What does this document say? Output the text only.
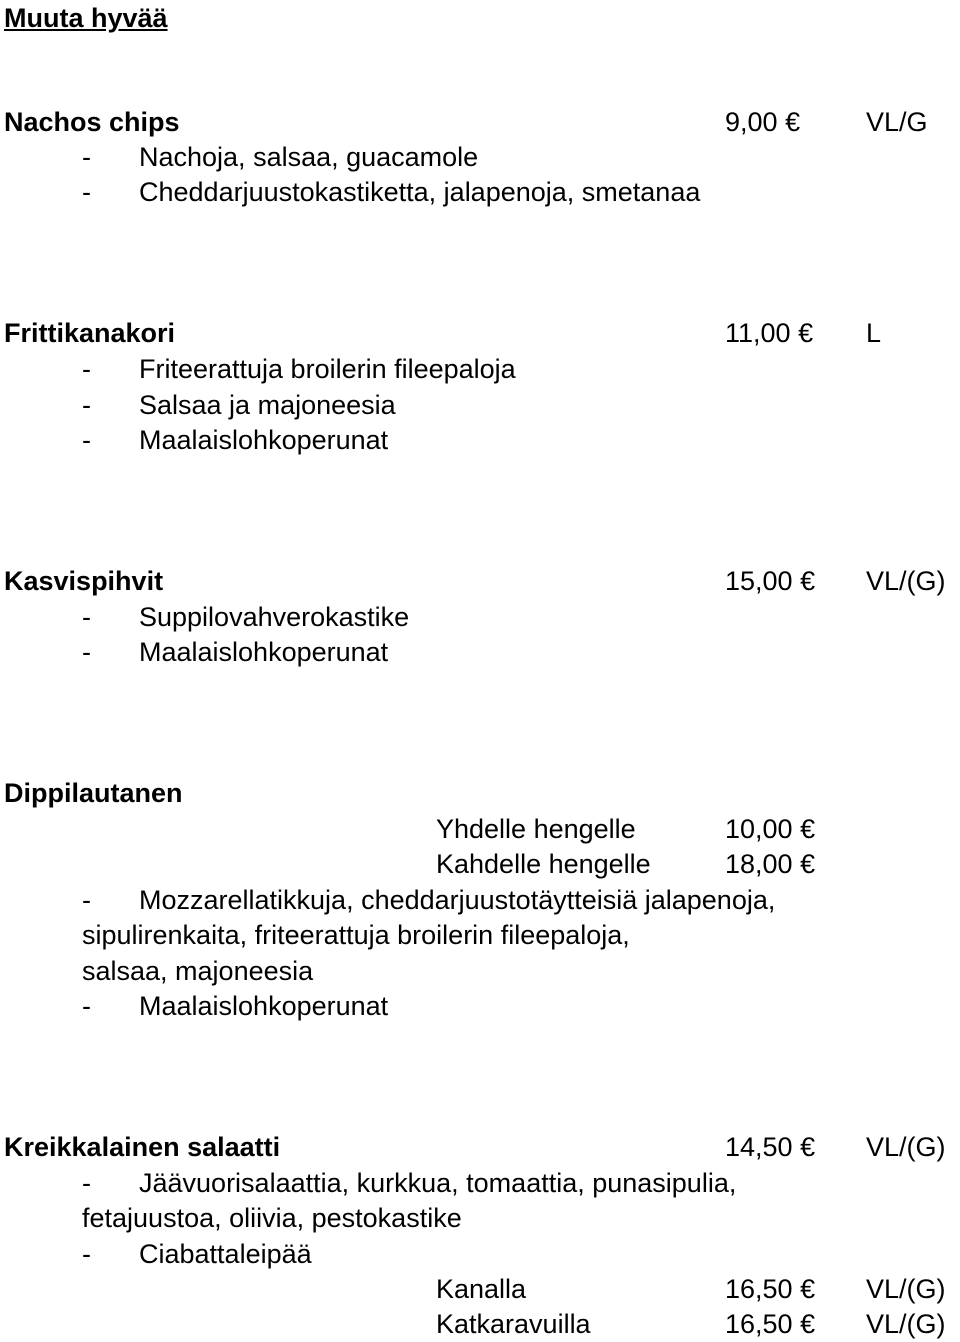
Muuta hyvää
Nachos chips	9,00 € VL/G
- Nachoja, salsaa, guacamole
- Cheddarjuustokastiketta, jalapenoja, smetanaa
Frittikanakori	11,00 € L
- Friteerattuja broilerin fileepaloja
- Salsaa ja majoneesia
- Maalaislohkoperunat
Kasvispihvit	15,00 € VL/(G)
- Suppilovahverokastike
- Maalaislohkoperunat
Dippilautanen
Yhdelle hengelle	10,00 €
Kahdelle hengelle	18,00 €
- Mozzarellatikkuja, cheddarjuustotäytteisiä jalapenoja,
sipulirenkaita, friteerattuja broilerin fileepaloja,
salsaa, majoneesia
- Maalaislohkoperunat
Kreikkalainen salaatti	14,50 € VL/(G)
- Jäävuorisalaattia, kurkkua, tomaattia, punasipulia,
fetajuustoa, oliivia, pestokastike
- Ciabattaleipää
Kanalla	16,50 € VL/(G)
Katkaravuilla	16,50 € VL/(G)
